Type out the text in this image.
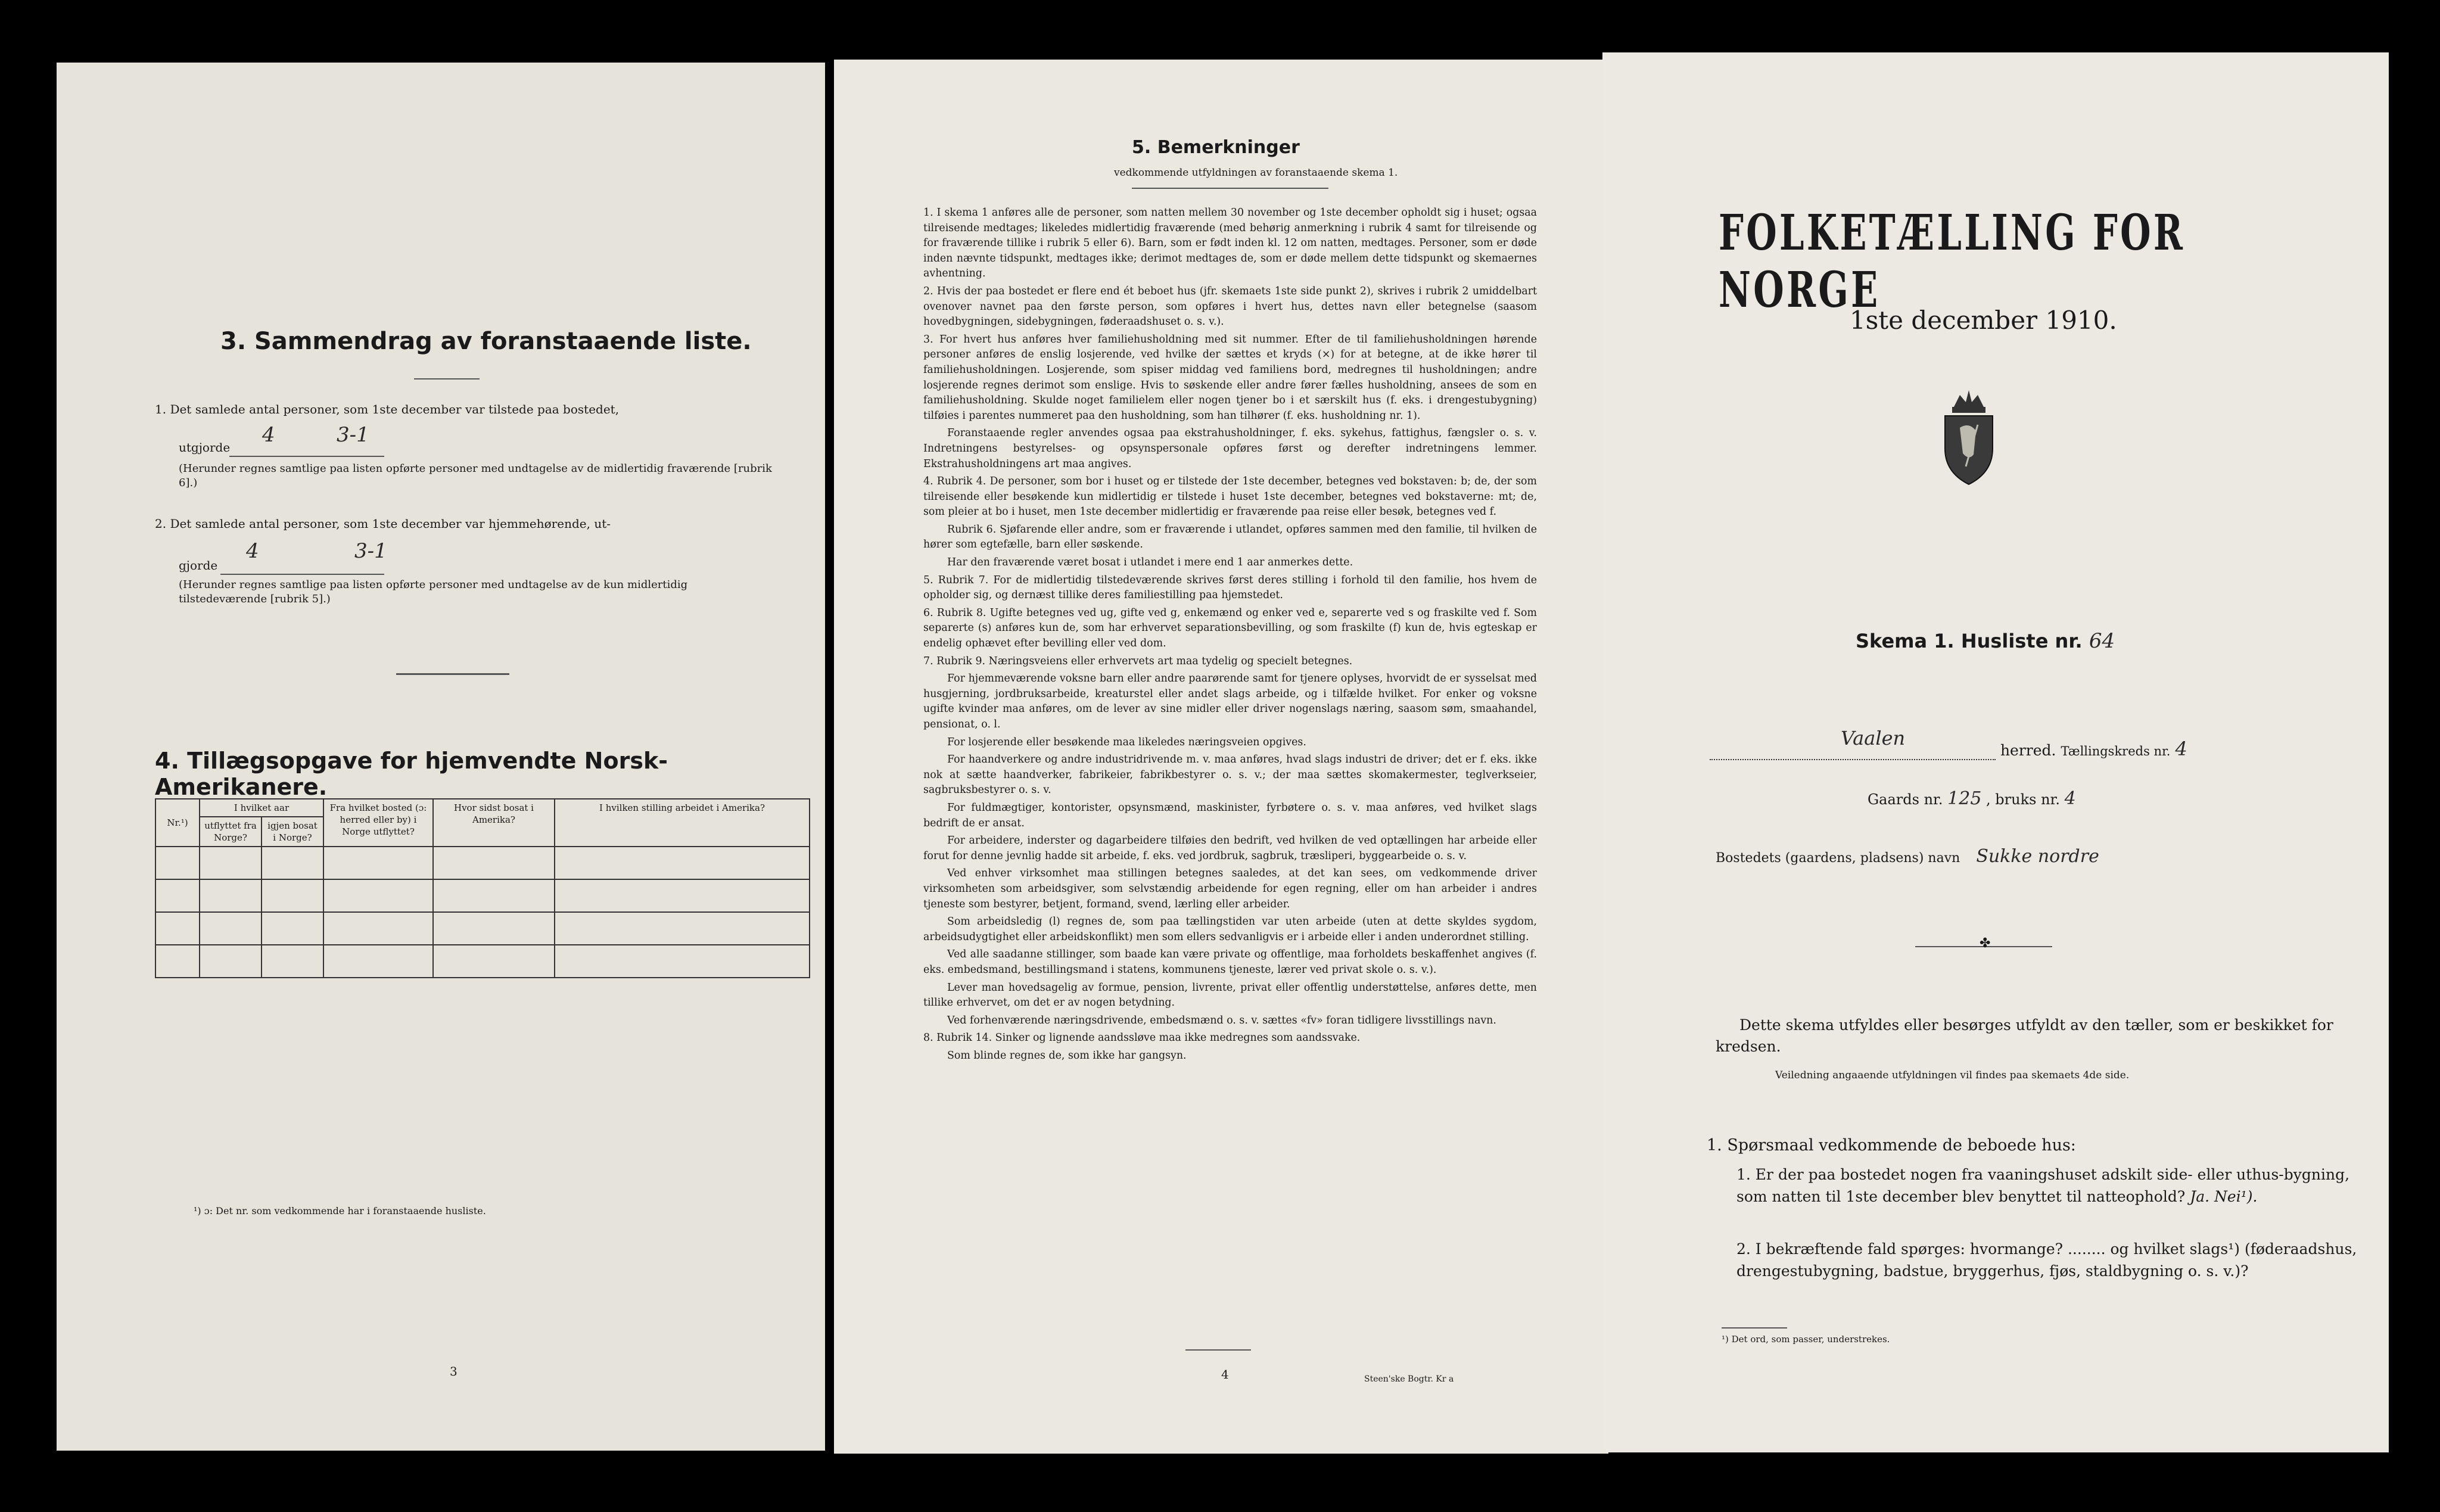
3. Sammendrag av foranstaaende liste.
1. Det samlede antal personer, som 1ste december var tilstede paa bostedet,
utgjorde
4	3-1
(Herunder regnes samtlige paa listen opførte personer med undtagelse av de midlertidig fraværende [rubrik 6].)
2. Det samlede antal personer, som 1ste december var hjemmehørende, ut-
gjorde
4	3-1
(Herunder regnes samtlige paa listen opførte personer med undtagelse av de kun midlertidig tilstedeværende [rubrik 5].)
4. Tillægsopgave for hjemvendte Norsk-Amerikanere.
Nr.¹)	I hvilket aar		Fra hvilket bosted (ɔ: herred eller by) i Norge utflyttet?	Hvor sidst bosat i Amerika?	I hvilken stilling arbeidet i Amerika?
	utflyttet fra Norge?	igjen bosat i Norge?			

¹) ɔ: Det nr. som vedkommende har i foranstaaende husliste.
3
5. Bemerkninger
vedkommende utfyldningen av foranstaaende skema 1.

1. I skema 1 anføres alle de personer, som natten mellem 30 november og 1ste december opholdt sig i huset; ogsaa tilreisende medtages; likeledes midlertidig fraværende (med behørig anmerkning i rubrik 4 samt for tilreisende og for fraværende tillike i rubrik 5 eller 6). Barn, som er født inden kl. 12 om natten, medtages. Personer, som er døde inden nævnte tidspunkt, medtages ikke; derimot medtages de, som er døde mellem dette tidspunkt og skemaernes avhentning.

2. Hvis der paa bostedet er flere end ét beboet hus (jfr. skemaets 1ste side punkt 2), skrives i rubrik 2 umiddelbart ovenover navnet paa den første person, som opføres i hvert hus, dettes navn eller betegnelse (saasom hovedbygningen, sidebygningen, føderaadshuset o. s. v.).

3. For hvert hus anføres hver familiehusholdning med sit nummer. Efter de til familiehusholdningen hørende personer anføres de enslig losjerende, ved hvilke der sættes et kryds (×) for at betegne, at de ikke hører til familiehusholdningen. Losjerende, som spiser middag ved familiens bord, medregnes til husholdningen; andre losjerende regnes derimot som enslige. Hvis to søskende eller andre fører fælles husholdning, ansees de som en familiehusholdning. Skulde noget familielem eller nogen tjener bo i et særskilt hus (f. eks. i drengestubygning) tilføies i parentes nummeret paa den husholdning, som han tilhører (f. eks. husholdning nr. 1).

Foranstaaende regler anvendes ogsaa paa ekstrahusholdninger, f. eks. sykehus, fattighus, fængsler o. s. v. Indretningens bestyrelses- og opsynspersonale opføres først og derefter indretningens lemmer. Ekstrahusholdningens art maa angives.

4. Rubrik 4. De personer, som bor i huset og er tilstede der 1ste december, betegnes ved bokstaven: b; de, der som tilreisende eller besøkende kun midlertidig er tilstede i huset 1ste december, betegnes ved bokstaverne: mt; de, som pleier at bo i huset, men 1ste december midlertidig er fraværende paa reise eller besøk, betegnes ved f.

Rubrik 6. Sjøfarende eller andre, som er fraværende i utlandet, opføres sammen med den familie, til hvilken de hører som egtefælle, barn eller søskende.

Har den fraværende været bosat i utlandet i mere end 1 aar anmerkes dette.

5. Rubrik 7. For de midlertidig tilstedeværende skrives først deres stilling i forhold til den familie, hos hvem de opholder sig, og dernæst tillike deres familiestilling paa hjemstedet.

6. Rubrik 8. Ugifte betegnes ved ug, gifte ved g, enkemænd og enker ved e, separerte ved s og fraskilte ved f. Som separerte (s) anføres kun de, som har erhvervet separationsbevilling, og som fraskilte (f) kun de, hvis egteskap er endelig ophævet efter bevilling eller ved dom.

7. Rubrik 9. Næringsveiens eller erhvervets art maa tydelig og specielt betegnes.

For hjemmeværende voksne barn eller andre paarørende samt for tjenere oplyses, hvorvidt de er sysselsat med husgjerning, jordbruksarbeide, kreaturstel eller andet slags arbeide, og i tilfælde hvilket. For enker og voksne ugifte kvinder maa anføres, om de lever av sine midler eller driver nogenslags næring, saasom søm, smaahandel, pensionat, o. l.

For losjerende eller besøkende maa likeledes næringsveien opgives.

For haandverkere og andre industridrivende m. v. maa anføres, hvad slags industri de driver; det er f. eks. ikke nok at sætte haandverker, fabrikeier, fabrikbestyrer o. s. v.; der maa sættes skomakermester, teglverkseier, sagbruksbestyrer o. s. v.

For fuldmægtiger, kontorister, opsynsmænd, maskinister, fyrbøtere o. s. v. maa anføres, ved hvilket slags bedrift de er ansat.

For arbeidere, inderster og dagarbeidere tilføies den bedrift, ved hvilken de ved optællingen har arbeide eller forut for denne jevnlig hadde sit arbeide, f. eks. ved jordbruk, sagbruk, træsliperi, byggearbeide o. s. v.

Ved enhver virksomhet maa stillingen betegnes saaledes, at det kan sees, om vedkommende driver virksomheten som arbeidsgiver, som selvstændig arbeidende for egen regning, eller om han arbeider i andres tjeneste som bestyrer, betjent, formand, svend, lærling eller arbeider.

Som arbeidsledig (l) regnes de, som paa tællingstiden var uten arbeide (uten at dette skyldes sygdom, arbeidsudygtighet eller arbeidskonflikt) men som ellers sedvanligvis er i arbeide eller i anden underordnet stilling.

Ved alle saadanne stillinger, som baade kan være private og offentlige, maa forholdets beskaffenhet angives (f. eks. embedsmand, bestillingsmand i statens, kommunens tjeneste, lærer ved privat skole o. s. v.).

Lever man hovedsagelig av formue, pension, livrente, privat eller offentlig understøttelse, anføres dette, men tillike erhvervet, om det er av nogen betydning.

Ved forhenværende næringsdrivende, embedsmænd o. s. v. sættes «fv» foran tidligere livsstillings navn.

8. Rubrik 14. Sinker og lignende aandssløve maa ikke medregnes som aandssvake.

Som blinde regnes de, som ikke har gangsyn.

4	Steen'ske Bogtr. Kr a
FOLKETÆLLING FOR NORGE
1ste december 1910.
Skema 1. Husliste nr. 64
Vaalen
herred. Tællingskreds nr. 4
Gaards nr. 125 , bruks nr. 4
Bostedets (gaardens, pladsens) navn Sukke nordre
✤
Dette skema utfyldes eller besørges utfyldt av den tæller, som er beskikket for kredsen.
Veiledning angaaende utfyldningen vil findes paa skemaets 4de side.
1. Spørsmaal vedkommende de beboede hus:
1. Er der paa bostedet nogen fra vaaningshuset adskilt side- eller uthus-bygning, som natten til 1ste december blev benyttet til natteophold? Ja. Nei¹).
2. I bekræftende fald spørges: hvormange? ........ og hvilket slags¹) (føderaadshus, drengestubygning, badstue, bryggerhus, fjøs, staldbygning o. s. v.)?
¹) Det ord, som passer, understrekes.
